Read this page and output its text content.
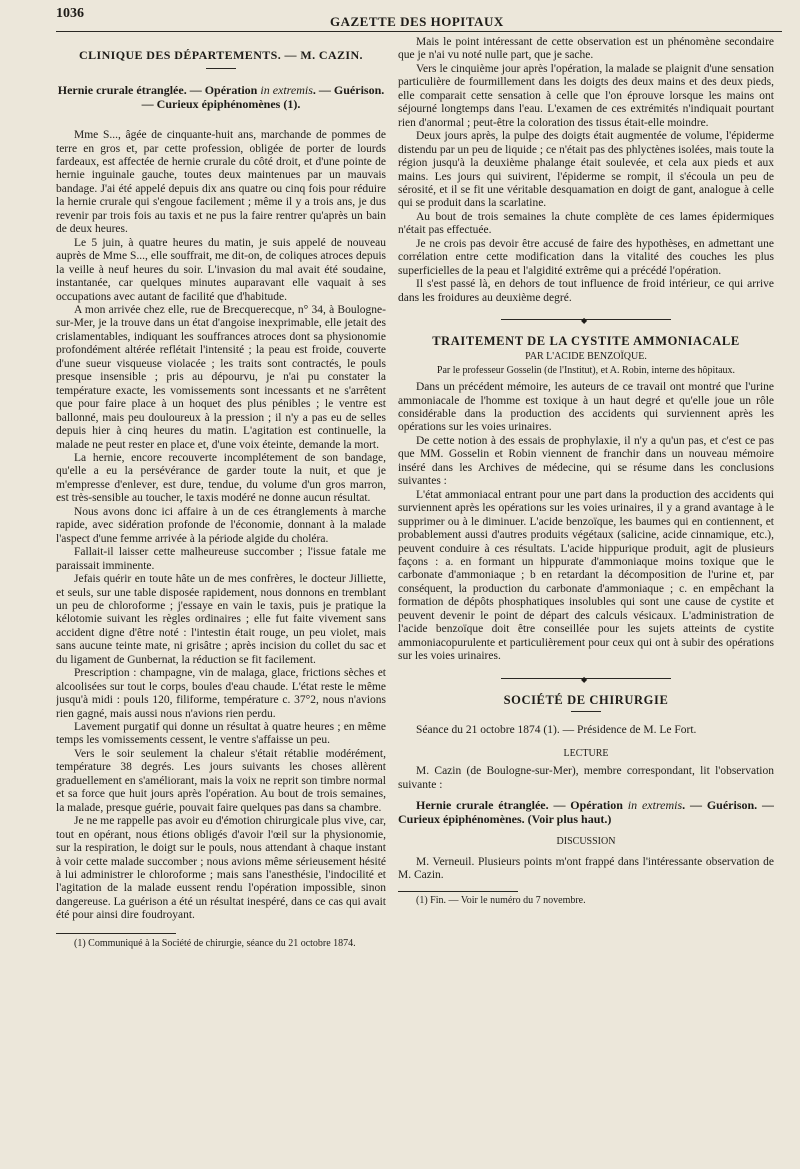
1036
GAZETTE DES HOPITAUX

CLINIQUE DES DÉPARTEMENTS. — M. CAZIN.

Hernie crurale étranglée. — Opération in extremis. — Guérison. — Curieux épiphénomènes (1).

Mme S..., âgée de cinquante-huit ans, marchande de pommes de terre en gros et, par cette profession, obligée de porter de lourds fardeaux, est affectée de hernie crurale du côté droit, et d'une pointe de hernie inguinale gauche, toutes deux maintenues par un mauvais bandage. J'ai été appelé depuis dix ans quatre ou cinq fois pour réduire la hernie crurale qui s'engoue facilement ; même il y a trois ans, je dus revenir par trois fois au taxis et ne pus la faire rentrer qu'après un bain de deux heures.

Le 5 juin, à quatre heures du matin, je suis appelé de nouveau auprès de Mme S..., elle souffrait, me dit-on, de coliques atroces depuis la veille à neuf heures du soir. L'invasion du mal avait été soudaine, instantanée, car quelques minutes auparavant elle vaquait à ses occupations avec autant de facilité que d'habitude.

A mon arrivée chez elle, rue de Brecquerecque, n° 34, à Boulogne-sur-Mer, je la trouve dans un état d'angoise inexprimable, elle jetait des crislamentables, indiquant les souffrances atroces dont sa physionomie profondément altérée reflétait l'intensité ; la peau est froide, couverte d'une sueur visqueuse violacée ; les traits sont contractés, le pouls presque insensible ; pris au dépourvu, je n'ai pu constater la température exacte, les vomissements sont incessants et ne s'arrêtent que pour faire place à un hoquet des plus pénibles ; le ventre est ballonné, mais peu douloureux à la pression ; il n'y a pas eu de selles depuis hier à cinq heures du matin. L'agitation est continuelle, la malade ne peut rester en place et, d'une voix éteinte, demande la mort.

La hernie, encore recouverte incomplétement de son bandage, qu'elle a eu la persévérance de garder toute la nuit, et que je m'empresse d'enlever, est dure, tendue, du volume d'un gros marron, est très-sensible au toucher, le taxis modéré ne donne aucun résultat.

Nous avons donc ici affaire à un de ces étranglements à marche rapide, avec sidération profonde de l'économie, donnant à la malade l'aspect d'une femme arrivée à la période algide du choléra.

Fallait-il laisser cette malheureuse succomber ; l'issue fatale me paraissait imminente.

Jefais quérir en toute hâte un de mes confrères, le docteur Jilliette, et seuls, sur une table disposée rapidement, nous donnons en tremblant un peu de chloroforme ; j'essaye en vain le taxis, puis je pratique la kélotomie suivant les règles ordinaires ; elle fut faite vivement sans accident digne d'être noté : l'intestin était rouge, un peu violet, mais sans aucune teinte mate, ni grisâtre ; après incision du collet du sac et du ligament de Gunbernat, la réduction se fit facilement.

Prescription : champagne, vin de malaga, glace, frictions sèches et alcoolisées sur tout le corps, boules d'eau chaude. L'état reste le même jusqu'à midi : pouls 120, filiforme, température c. 37°2, nous n'avions rien gagné, mais aussi nous n'avions rien perdu.

Lavement purgatif qui donne un résultat à quatre heures ; en même temps les vomissements cessent, le ventre s'affaisse un peu.

Vers le soir seulement la chaleur s'était rétablie modérément, température 38 degrés. Les jours suivants les choses allèrent graduellement en s'améliorant, mais la voix ne reprit son timbre normal et sa force que huit jours après l'opération. Au bout de trois semaines, la malade, presque guérie, pouvait faire quelques pas dans sa chambre.

Je ne me rappelle pas avoir eu d'émotion chirurgicale plus vive, car, tout en opérant, nous étions obligés d'avoir l'œil sur la physionomie, sur la respiration, le doigt sur le pouls, nous attendant à chaque instant à voir cette malade succomber ; nous avions même sérieusement hésité à lui administrer le chloroforme ; mais sans l'anesthésie, l'indocilité et l'agitation de la malade eussent rendu l'opération impossible, sinon dangereuse. La guérison a été un résultat inespéré, dans ce cas qui avait été pour ainsi dire foudroyant.

(1) Communiqué à la Société de chirurgie, séance du 21 octobre 1874.

Mais le point intéressant de cette observation est un phénomène secondaire que je n'ai vu noté nulle part, que je sache.

Vers le cinquième jour après l'opération, la malade se plaignit d'une sensation particulière de fourmillement dans les doigts des deux mains et des deux pieds, elle comparait cette sensation à celle que l'on éprouve lorsque les mains ont séjourné longtemps dans l'eau. L'examen de ces extrémités n'indiquait pourtant rien d'anormal ; peut-être la coloration des tissus était-elle moindre.

Deux jours après, la pulpe des doigts était augmentée de volume, l'épiderme distendu par un peu de liquide ; ce n'était pas des phlyctènes isolées, mais toute la région jusqu'à la deuxième phalange était soulevée, et cela aux pieds et aux mains. Les jours qui suivirent, l'épiderme se rompit, il s'écoula un peu de sérosité, et il se fit une véritable desquamation en doigt de gant, analogue à celle qui se produit dans la scarlatine.

Au bout de trois semaines la chute complète de ces lames épidermiques n'était pas effectuée.

Je ne crois pas devoir être accusé de faire des hypothèses, en admettant une corrélation entre cette modification dans la vitalité des couches les plus superficielles de la peau et l'algidité extrême qui a précédé l'opération.

Il s'est passé là, en dehors de tout influence de froid intérieur, ce qui arrive dans les froidures au deuxième degré.

◆

TRAITEMENT DE LA CYSTITE AMMONIACALE

PAR L'ACIDE BENZOÏQUE.

Par le professeur Gosselin (de l'Institut), et A. Robin, interne des hôpitaux.

Dans un précédent mémoire, les auteurs de ce travail ont montré que l'urine ammoniacale de l'homme est toxique à un haut degré et qu'elle joue un rôle considérable dans la production des accidents qui surviennent après les opérations sur les voies urinaires.

De cette notion à des essais de prophylaxie, il n'y a qu'un pas, et c'est ce pas que MM. Gosselin et Robin viennent de franchir dans un nouveau mémoire inséré dans les Archives de médecine, qui se résume dans les conclusions suivantes :

L'état ammoniacal entrant pour une part dans la production des accidents qui surviennent après les opérations sur les voies urinaires, il y a grand avantage à le supprimer ou à le diminuer. L'acide benzoïque, les baumes qui en contiennent, et probablement aussi d'autres produits végétaux (salicine, acide cinnamique, etc.), peuvent conduire à ces résultats. L'acide hippurique produit, agit de plusieurs façons : a. en formant un hippurate d'ammoniaque moins toxique que le carbonate d'ammoniaque ; b en retardant la décomposition de l'urine et, par conséquent, la production du carbonate d'ammoniaque ; c. en empêchant la formation de dépôts phosphatiques insolubles qui sont une cause de cystite et peuvent devenir le point de départ des calculs vésicaux. L'administration de l'acide benzoïque doit être conseillée pour les sujets atteints de cystite ammoniacopurulente et particulièrement pour ceux qui ont à subir des opérations sur les voies urinaires.

◆

SOCIÉTÉ DE CHIRURGIE

Séance du 21 octobre 1874 (1). — Présidence de M. Le Fort.

LECTURE

M. Cazin (de Boulogne-sur-Mer), membre correspondant, lit l'observation suivante :

Hernie crurale étranglée. — Opération in extremis. — Guérison. — Curieux épiphénomènes. (Voir plus haut.)

DISCUSSION

M. Verneuil. Plusieurs points m'ont frappé dans l'intéressante observation de M. Cazin.

(1) Fin. — Voir le numéro du 7 novembre.
